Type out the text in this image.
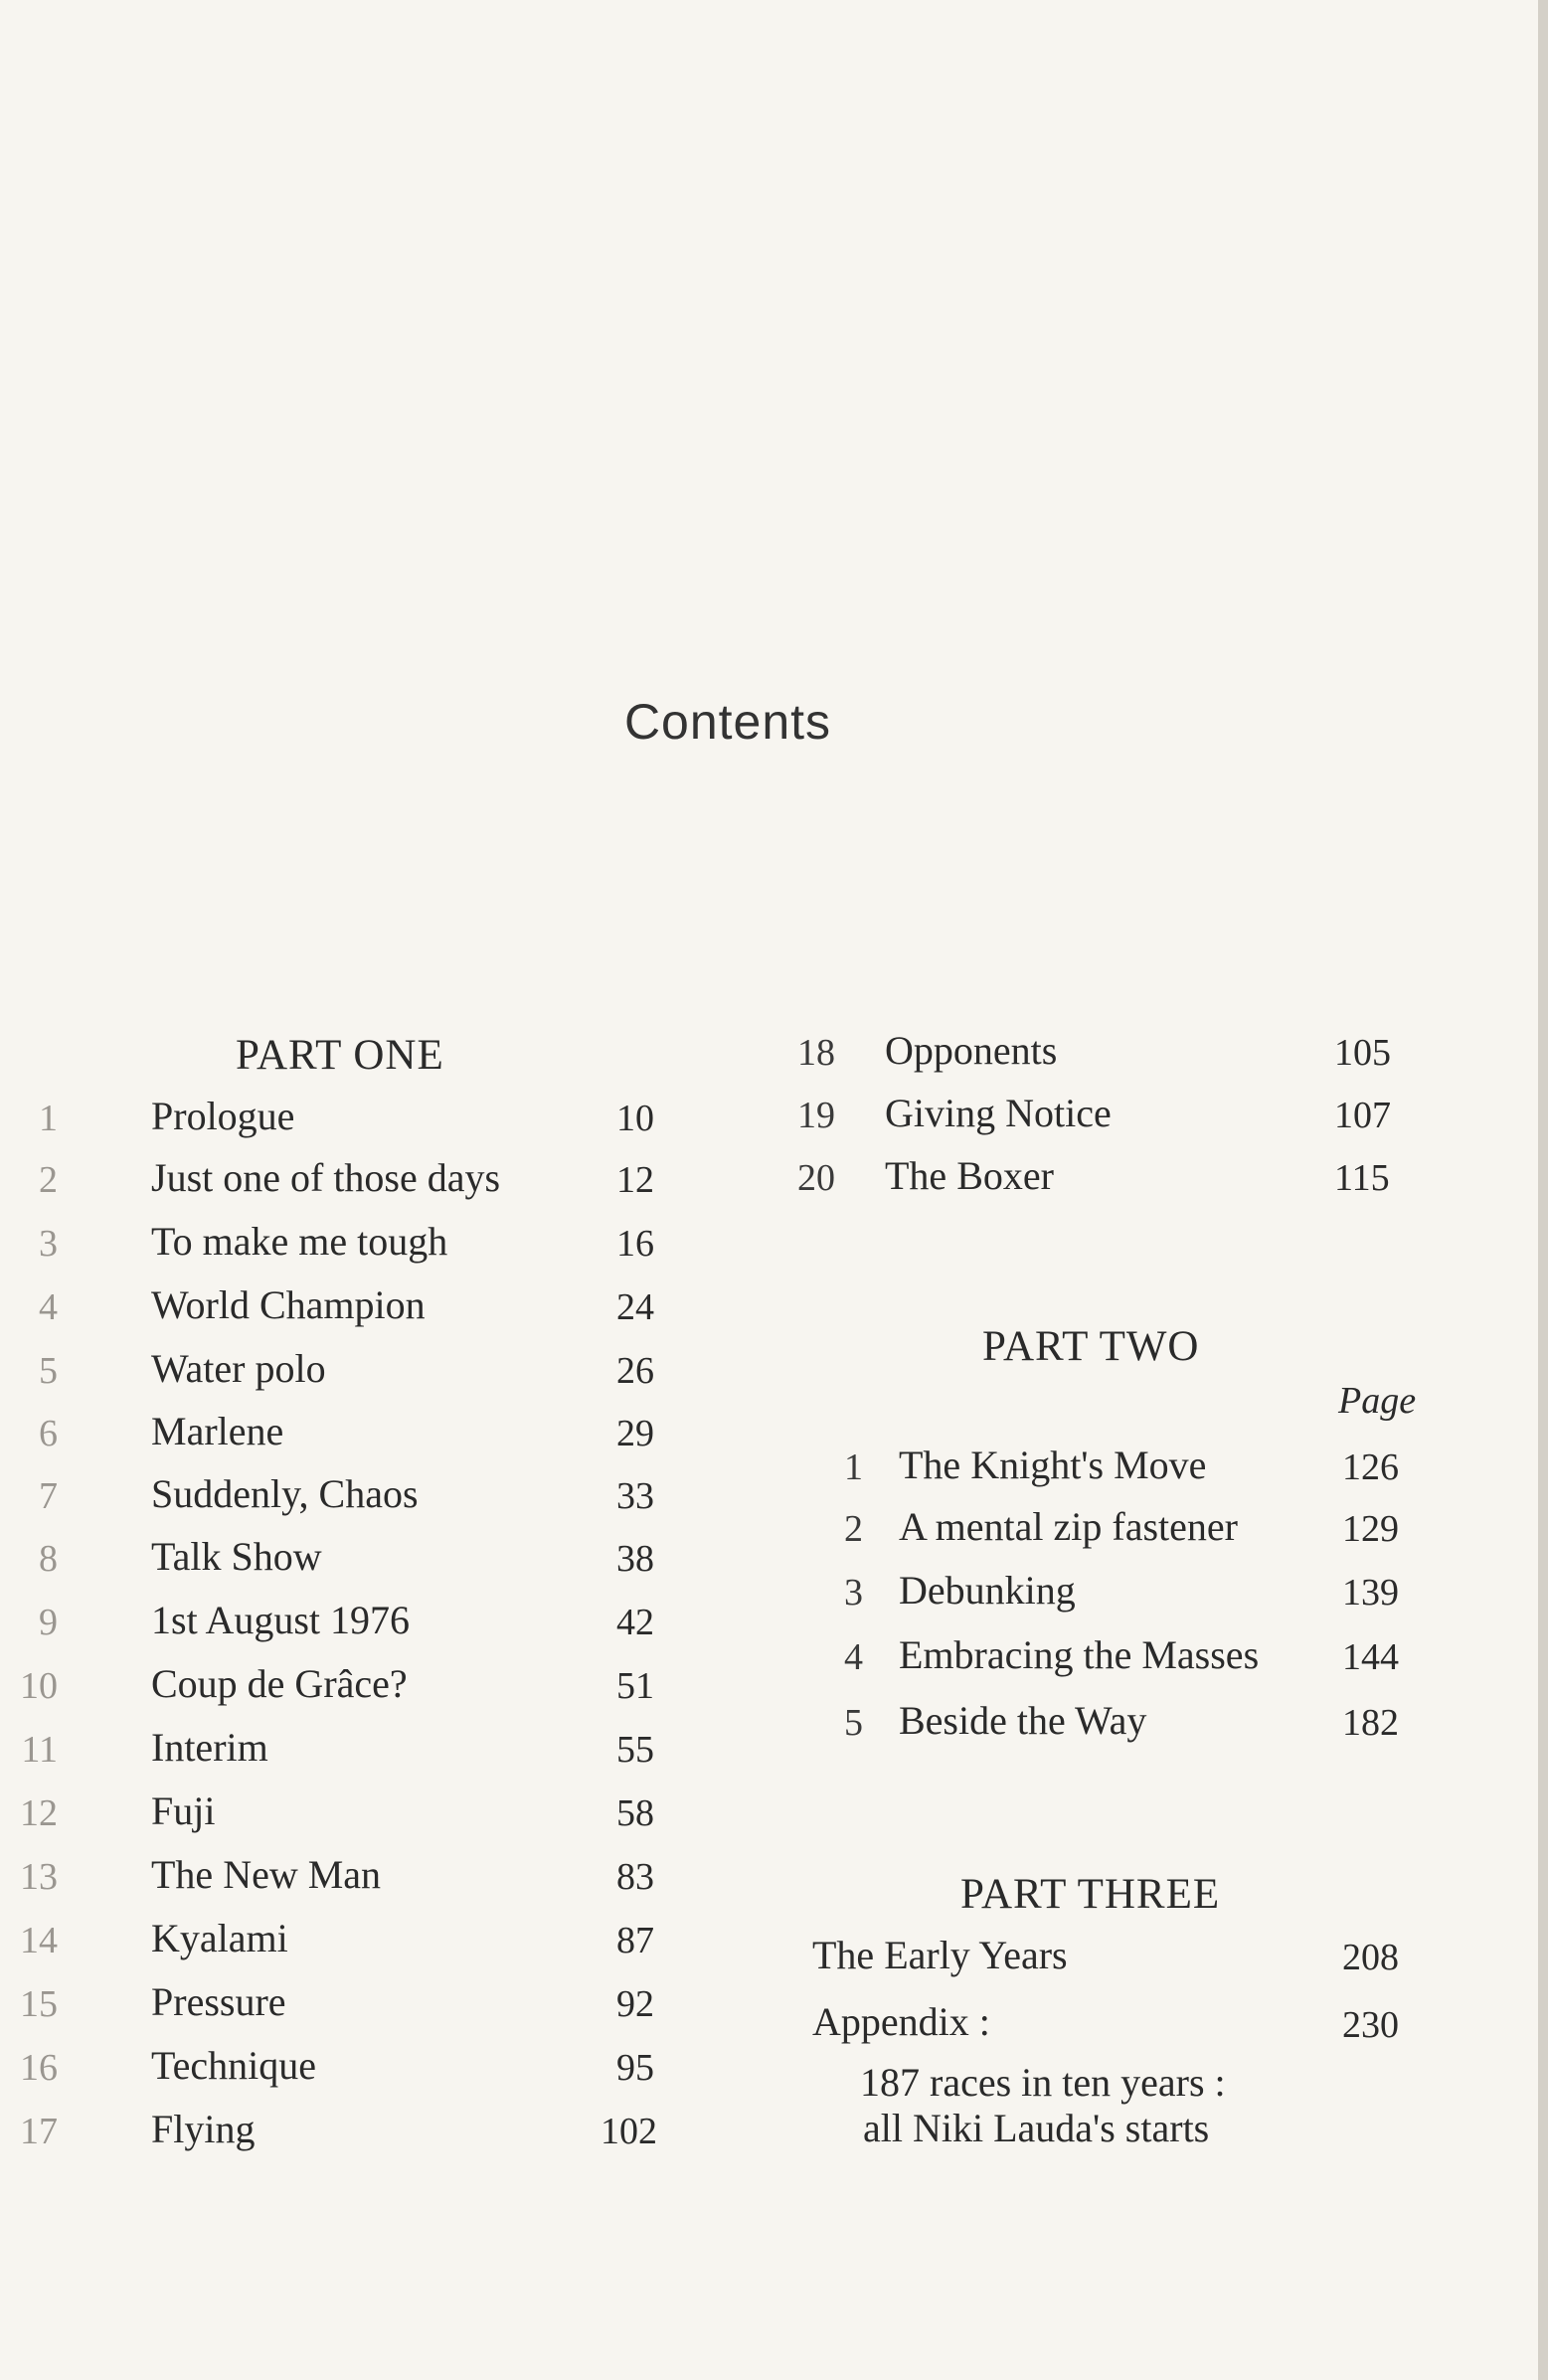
Contents
PART ONE
1 Prologue	10
2 Just one of those days	12
3 To make me tough	16
4 World Champion	24
5 Water polo	26
6 Marlene	29
7 Suddenly, Chaos	33
8 Talk Show	38
9 1st August 1976	42
10 Coup de Grâce?	51
11 Interim	55
12 Fuji	58
13 The New Man	83
14 Kyalami	87
15 Pressure	92
16 Technique	95
17 Flying	102
18 Opponents	105
19 Giving Notice	107
20 The Boxer	115
PART TWO
Page
1 The Knight's Move	126
2 A mental zip fastener	129
3 Debunking	139
4 Embracing the Masses 144
5 Beside the Way	182
PART THREE
The Early Years	208
Appendix :	230
187 races in ten years :
all Niki Lauda's starts
